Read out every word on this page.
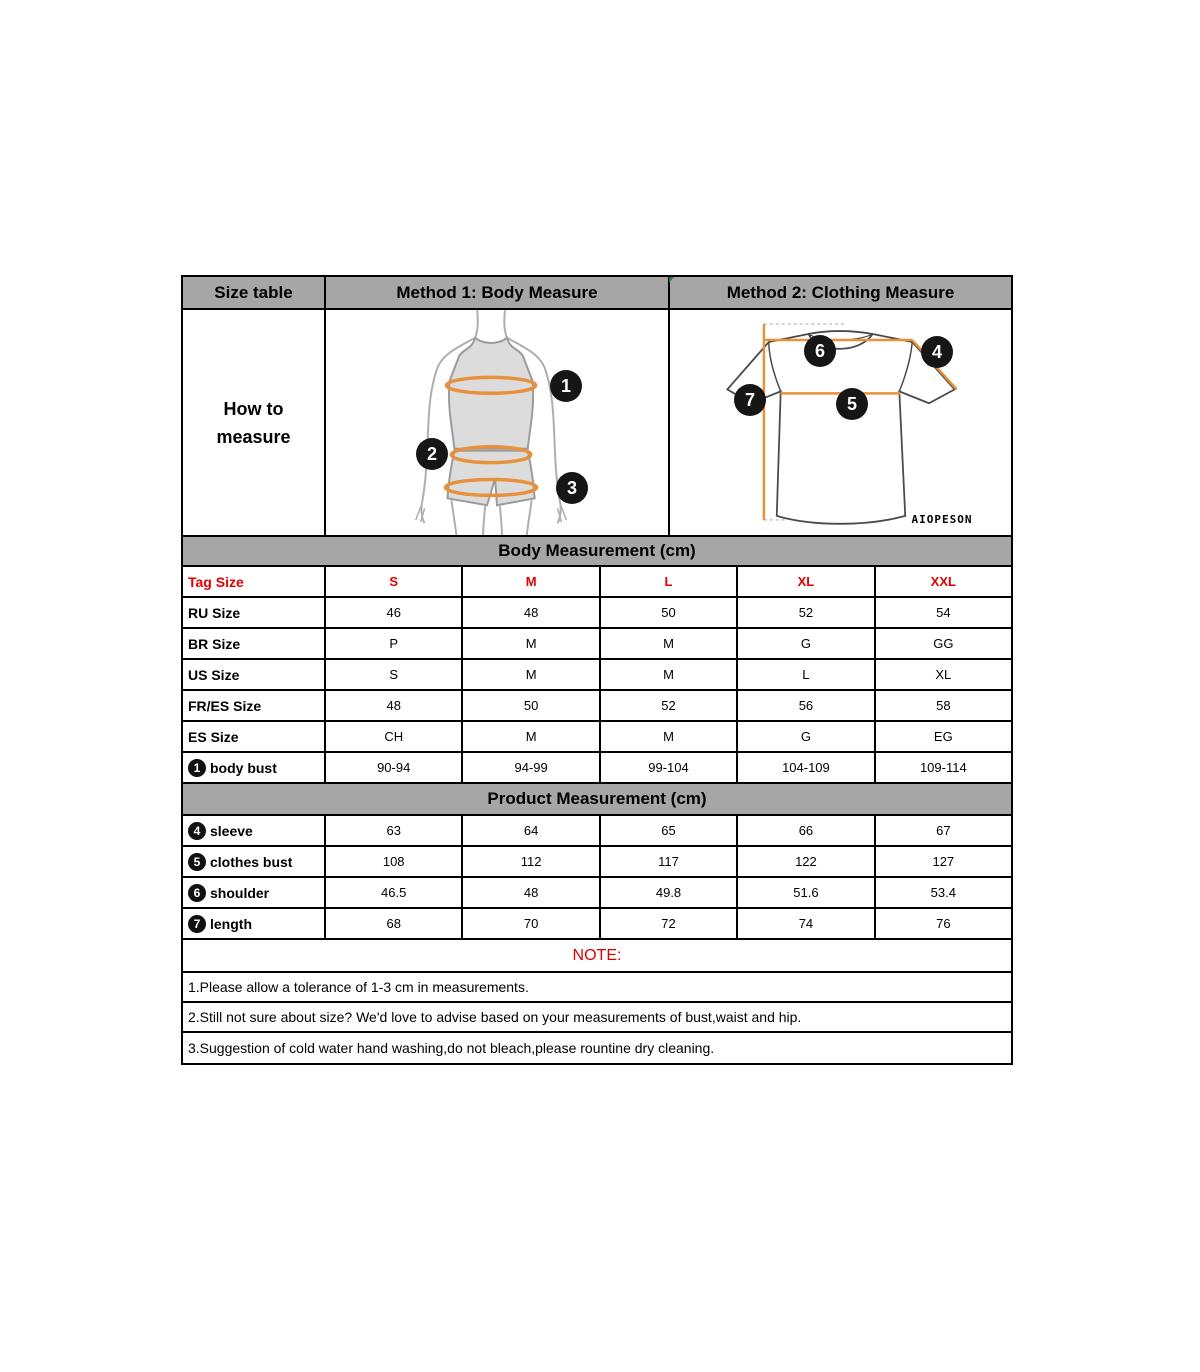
Size table	Method 1: Body Measure	Method 2: Clothing Measure
How to
measure
1
2
3
4
5
6
7
AIOPESON
Body Measurement (cm)
Tag Size	S	M	L	XL	XXL
RU Size	46	48	50	52	54
BR Size	P	M	M	G	GG
US Size	S	M	M	L	XL
FR/ES Size	48	50	52	56	58
ES Size	CH	M	M	G	EG
1 body bust	90-94	94-99	99-104	104-109	109-114
Product Measurement (cm)
4 sleeve	63	64	65	66	67
5 clothes bust	108	112	117	122	127
6 shoulder	46.5	48	49.8	51.6	53.4
7 length	68	70	72	74	76
NOTE:
1.Please allow a tolerance of 1-3 cm in measurements.
2.Still not sure about size? We'd love to advise based on your measurements of bust,waist and hip.
3.Suggestion of cold water hand washing,do not bleach,please rountine dry cleaning.
